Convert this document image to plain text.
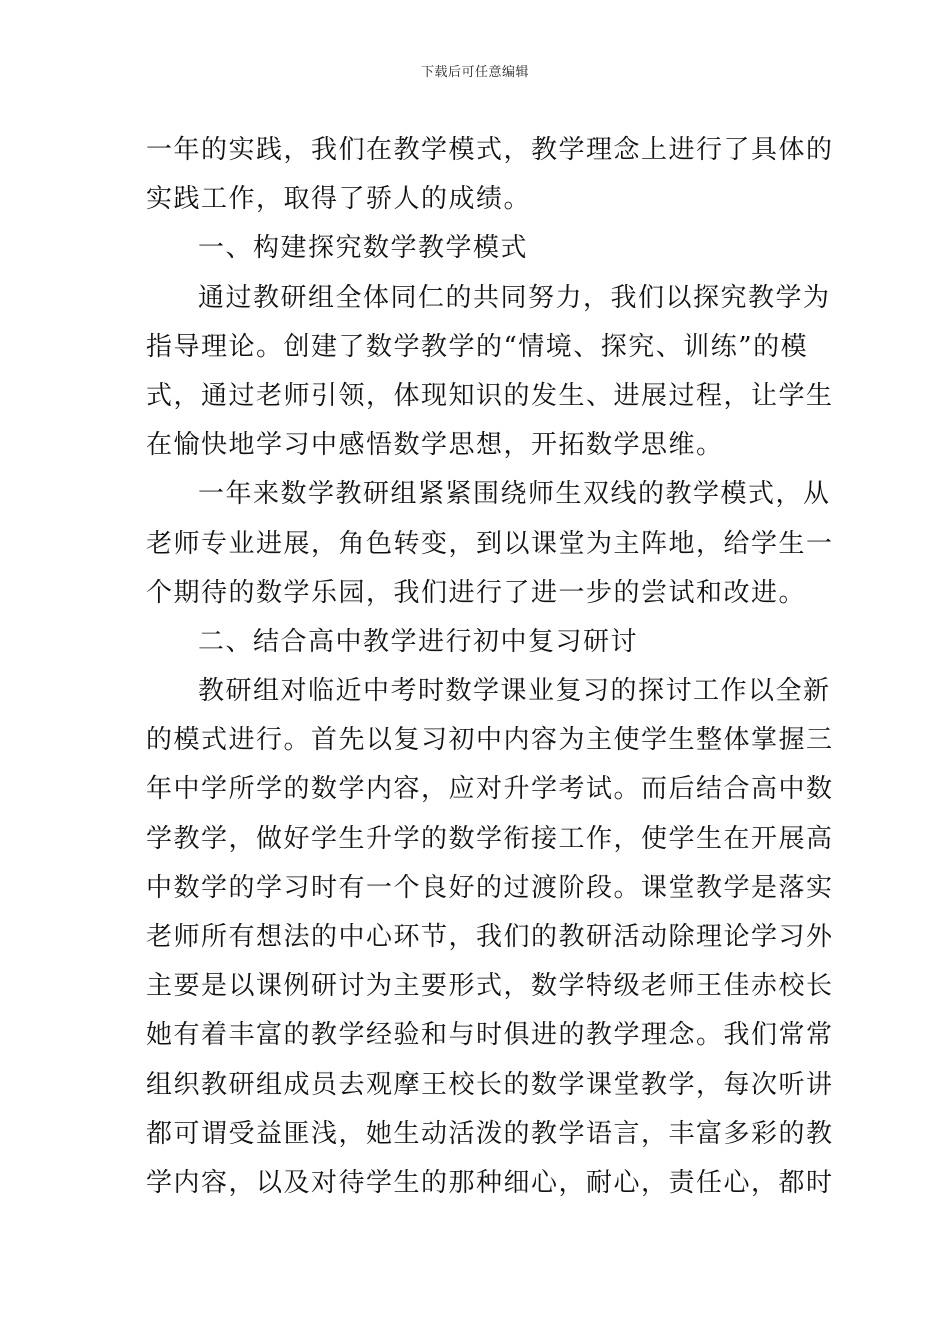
下载后可任意编辑
一年的实践，我们在教学模式，教学理念上进行了具体的
实践工作，取得了骄人的成绩。
一、构建探究数学教学模式
通过教研组全体同仁的共同努力，我们以探究教学为
指导理论。创建了数学教学的“情境、探究、训练”的模
式，通过老师引领，体现知识的发生、进展过程，让学生
在愉快地学习中感悟数学思想，开拓数学思维。
一年来数学教研组紧紧围绕师生双线的教学模式，从
老师专业进展，角色转变，到以课堂为主阵地，给学生一
个期待的数学乐园，我们进行了进一步的尝试和改进。
二、结合高中教学进行初中复习研讨
教研组对临近中考时数学课业复习的探讨工作以全新
的模式进行。首先以复习初中内容为主使学生整体掌握三
年中学所学的数学内容，应对升学考试。而后结合高中数
学教学，做好学生升学的数学衔接工作，使学生在开展高
中数学的学习时有一个良好的过渡阶段。课堂教学是落实
老师所有想法的中心环节，我们的教研活动除理论学习外
主要是以课例研讨为主要形式，数学特级老师王佳赤校长
她有着丰富的教学经验和与时俱进的教学理念。我们常常
组织教研组成员去观摩王校长的数学课堂教学，每次听讲
都可谓受益匪浅，她生动活泼的教学语言，丰富多彩的教
学内容，以及对待学生的那种细心，耐心，责任心，都时
